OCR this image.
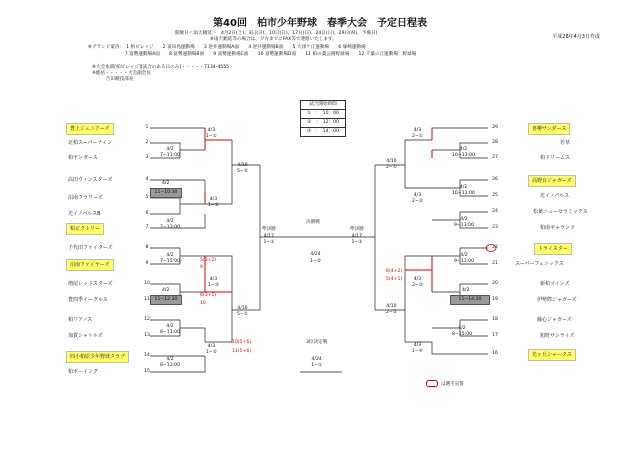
第40回　柏市少年野球　春季大会　予定日程表
平成28年4月3日作成
開催日＜雨天順延＞　4月2日(土)、3日(日)、10日(日)、17日(日)、24日(日)、29日(祝)、予備日)
※雨天順延等の場合は、夕方までにFAX等で連絡いたします。
※グランド案内：　1 柏ビレッジ　　2 富田島運動場　　3 逆井運動場A面　　4 逆井運動場B面　　5 大津ケ丘運動場　　6 塚崎運動場
　　　　　　　　7 富勢運動場A面　　8 富勢運動場B面　　9 富勢運動場C面　　10 富勢運動場D面　　11 柏の葉公園野球場　　12 千葉の丘運動場　野球場
※大会本部[柏ビレッジ][試合のある日のみ]・・・・・7134-4555
※総括・・・・・大会副会長
　　　吉田競技部長
豊上ジュニアーズ
北柏スーパーナイン
柏ヤンガース
高田ウィンスターズ
沼南フラワーズ
光イノパルスB
柏ビクトリー
千代田ファイターズ
沼南ファイヤーズ
増尾レッドスターズ
豊四季イーグルス
柏リアノス
加賀シャトルズ
四小柏原少年野球クラブ
柏ボーイング
1
2
3
4
5
6
7
8
9
10
11
12
13
14
15
喜柳サンダース
若草
柏ドリームス
高野台ジャガーズ
光イノパルス
松葉ニューセラミックス
柏南ギャランツ
トライスター
スーパーフェニックス
新柏ツインズ
伊勢際ジャガーズ
藤心ジャガーズ
旭町サンライズ
光ヶ丘シャークス
29
28
27
26
25
24
23
22
21
20
19
18
17
16
4/3
1−①
4/2
7−11:00
4/2
11−10:30
4/3
1−②
4/2
7−13:00
4/2
7−15:00
4/2
11−12:30
4/3
1−③
4/2
8−11:00
4/3
1−②
4/2
8−13:00
4/10
5−②
4/10
5−①
準決勝
4/17
1−①
4/3
2−①
4/2
10−13:00
4/2
10−11:00
4/3
2−②
4/2
9−13:00
4/2
9−11:00
4/2
11−14:30
4/3
2−③
4/2
8−15:00
4/3
1−④
4/10
2−①
4/10
2−②
準決勝
4/17
1−②
5(3+2)
6(3+1)
9
10
10(5+6)
11(5+6)
6(4+2)
5(4+1)
試合開始時間
①　：　10：00
②　：　12：00
③　：　14：00
決勝戦
4/24
1−②
3位決定戦
4/24
1−①
は選手宣誓
